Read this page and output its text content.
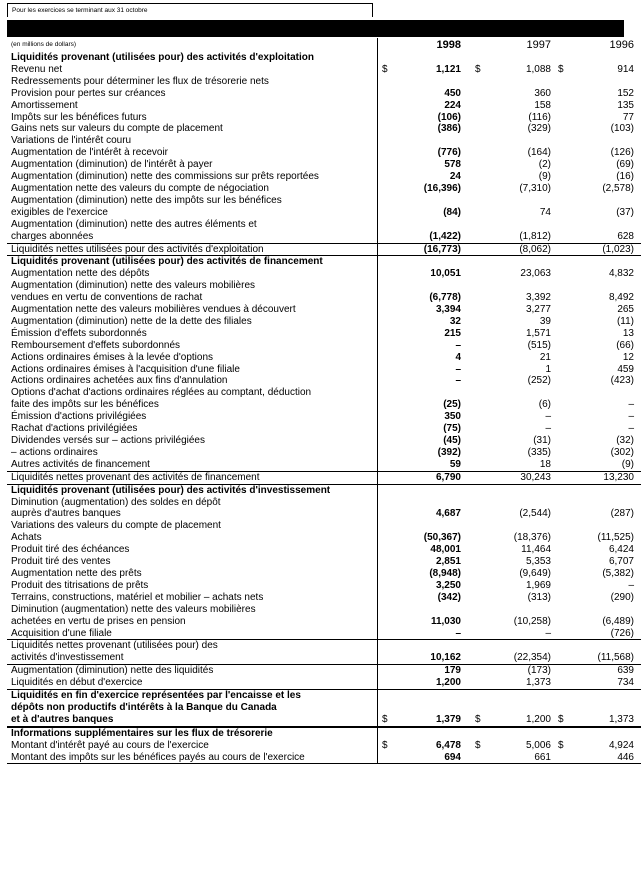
Pour les exercices se terminant aux 31 octobre
(en millions de dollars)	1998	1997	1996
Liquidités provenant (utilisées pour) des activités d'exploitation			
Revenu net	$ 1,121	$ 1,088	$ 914
Redressements pour déterminer les flux de trésorerie nets			
Provision pour pertes sur créances	450	360	152
Amortissement	224	158	135
Impôts sur les bénéfices futurs	(106)	(116)	77
Gains nets sur valeurs du compte de placement	(386)	(329)	(103)
Variations de l'intérêt couru			
Augmentation de l'intérêt à recevoir	(776)	(164)	(126)
Augmentation (diminution) de l'intérêt à payer	578	(2)	(69)
Augmentation (diminution) nette des commissions sur prêts reportées	24	(9)	(16)
Augmentation nette des valeurs du compte de négociation	(16,396)	(7,310)	(2,578)
Augmentation (diminution) nette des impôts sur les bénéfices			
exigibles de l'exercice	(84)	74	(37)
Augmentation (diminution) nette des autres éléments et			
charges abonnées	(1,422)	(1,812)	628
Liquidités nettes utilisées pour des activités d'exploitation	(16,773)	(8,062)	(1,023)
Liquidités provenant (utilisées pour) des activités de financement			
Augmentation nette des dépôts	10,051	23,063	4,832
Augmentation (diminution) nette des valeurs mobilières			
vendues en vertu de conventions de rachat	(6,778)	3,392	8,492
Augmentation nette des valeurs mobilières vendues à découvert	3,394	3,277	265
Augmentation (diminution) nette de la dette des filiales	32	39	(11)
Émission d'effets subordonnés	215	1,571	13
Remboursement d'effets subordonnés	–	(515)	(66)
Actions ordinaires émises à la levée d'options	4	21	12
Actions ordinaires émises à l'acquisition d'une filiale	–	1	459
Actions ordinaires achetées aux fins d'annulation	–	(252)	(423)
Options d'achat d'actions ordinaires réglées au comptant, déduction			
faite des impôts sur les bénéfices	(25)	(6)	–
Émission d'actions privilégiées	350	–	–
Rachat d'actions privilégiées	(75)	–	–
Dividendes versés sur – actions privilégiées	(45)	(31)	(32)
– actions ordinaires	(392)	(335)	(302)
Autres activités de financement	59	18	(9)
Liquidités nettes provenant des activités de financement	6,790	30,243	13,230
Liquidités provenant (utilisées pour) des activités d'investissement			
Diminution (augmentation) des soldes en dépôt			
auprès d'autres banques	4,687	(2,544)	(287)
Variations des valeurs du compte de placement			
Achats	(50,367)	(18,376)	(11,525)
Produit tiré des échéances	48,001	11,464	6,424
Produit tiré des ventes	2,851	5,353	6,707
Augmentation nette des prêts	(8,948)	(9,649)	(5,382)
Produit des titrisations de prêts	3,250	1,969	–
Terrains, constructions, matériel et mobilier – achats nets	(342)	(313)	(290)
Diminution (augmentation) nette des valeurs mobilières			
achetées en vertu de prises en pension	11,030	(10,258)	(6,489)
Acquisition d'une filiale	–	–	(726)
Liquidités nettes provenant (utilisées pour) des			
activités d'investissement	10,162	(22,354)	(11,568)
Augmentation (diminution) nette des liquidités	179	(173)	639
Liquidités en début d'exercice	1,200	1,373	734
Liquidités en fin d'exercice représentées par l'encaisse et les			
dépôts non productifs d'intérêts à la Banque du Canada			
et à d'autres banques	$ 1,379	$ 1,200	$ 1,373
Informations supplémentaires sur les flux de trésorerie			
Montant d'intérêt payé au cours de l'exercice	$ 6,478	$ 5,006	$ 4,924
Montant des impôts sur les bénéfices payés au cours de l'exercice	694	661	446
